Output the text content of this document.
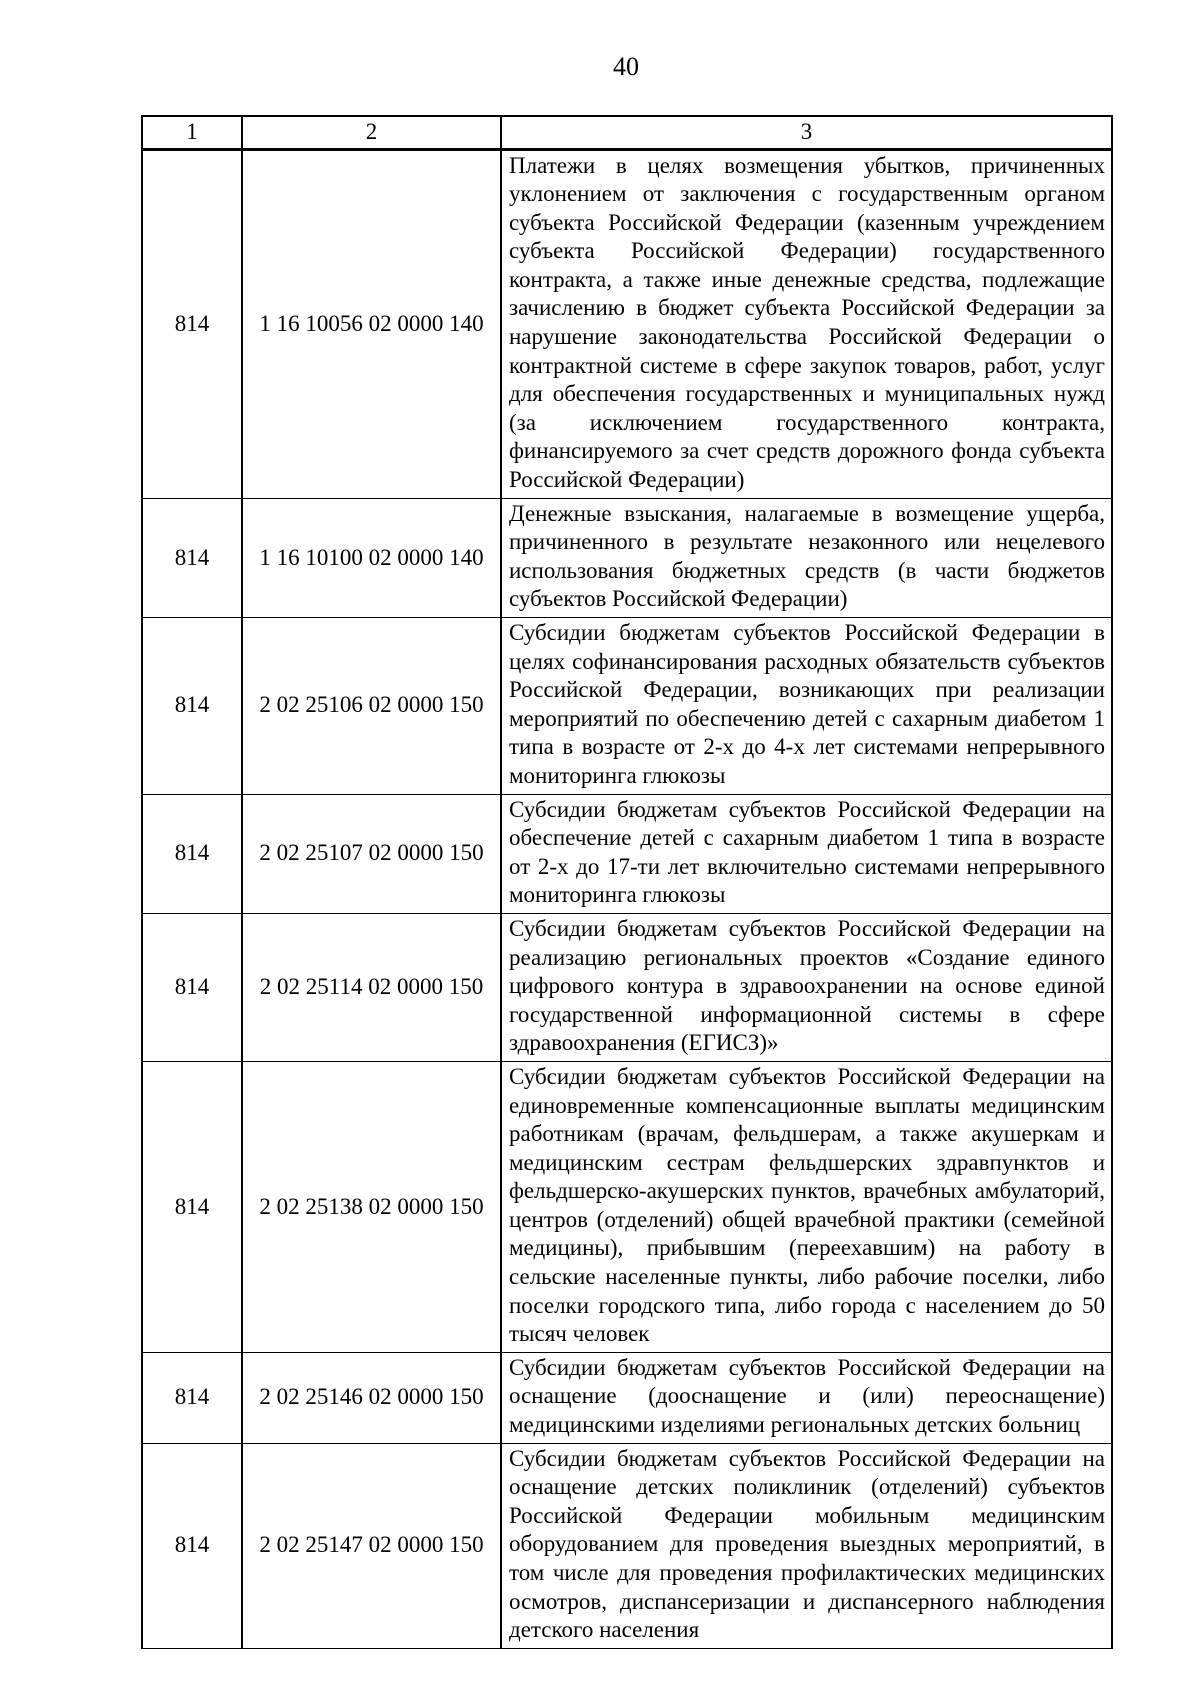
40
1	2	3
814	1 16 10056 02 0000 140	Платежи в целях возмещения убытков, причиненных уклонением от заключения с государственным органом субъекта Российской Федерации (казенным учреждением субъекта Российской Федерации) государственного контракта, а также иные денежные средства, подлежащие зачислению в бюджет субъекта Российской Федерации за нарушение законодательства Российской Федерации о контрактной системе в сфере закупок товаров, работ, услуг для обеспечения государственных и муниципальных нужд (за исключением государственного контракта, финансируемого за счет средств дорожного фонда субъекта Российской Федерации)
814	1 16 10100 02 0000 140	Денежные взыскания, налагаемые в возмещение ущерба, причиненного в результате незаконного или нецелевого использования бюджетных средств (в части бюджетов субъектов Российской Федерации)
814	2 02 25106 02 0000 150	Субсидии бюджетам субъектов Российской Федерации в целях софинансирования расходных обязательств субъектов Российской Федерации, возникающих при реализации мероприятий по обеспечению детей с сахарным диабетом 1 типа в возрасте от 2-х до 4-х лет системами непрерывного мониторинга глюкозы
814	2 02 25107 02 0000 150	Субсидии бюджетам субъектов Российской Федерации на обеспечение детей с сахарным диабетом 1 типа в возрасте от 2-х до 17-ти лет включительно системами непрерывного мониторинга глюкозы
814	2 02 25114 02 0000 150	Субсидии бюджетам субъектов Российской Федерации на реализацию региональных проектов «Создание единого цифрового контура в здравоохранении на основе единой государственной информационной системы в сфере здравоохранения (ЕГИСЗ)»
814	2 02 25138 02 0000 150	Субсидии бюджетам субъектов Российской Федерации на единовременные компенсационные выплаты медицинским работникам (врачам, фельдшерам, а также акушеркам и медицинским сестрам фельдшерских здравпунктов и фельдшерско-акушерских пунктов, врачебных амбулаторий, центров (отделений) общей врачебной практики (семейной медицины), прибывшим (переехавшим) на работу в сельские населенные пункты, либо рабочие поселки, либо поселки городского типа, либо города с населением до 50 тысяч человек
814	2 02 25146 02 0000 150	Субсидии бюджетам субъектов Российской Федерации на оснащение (дооснащение и (или) переоснащение) медицинскими изделиями региональных детских больниц
814	2 02 25147 02 0000 150	Субсидии бюджетам субъектов Российской Федерации на оснащение детских поликлиник (отделений) субъектов Российской Федерации мобильным медицинским оборудованием для проведения выездных мероприятий, в том числе для проведения профилактических медицинских осмотров, диспансеризации и диспансерного наблюдения детского населения
